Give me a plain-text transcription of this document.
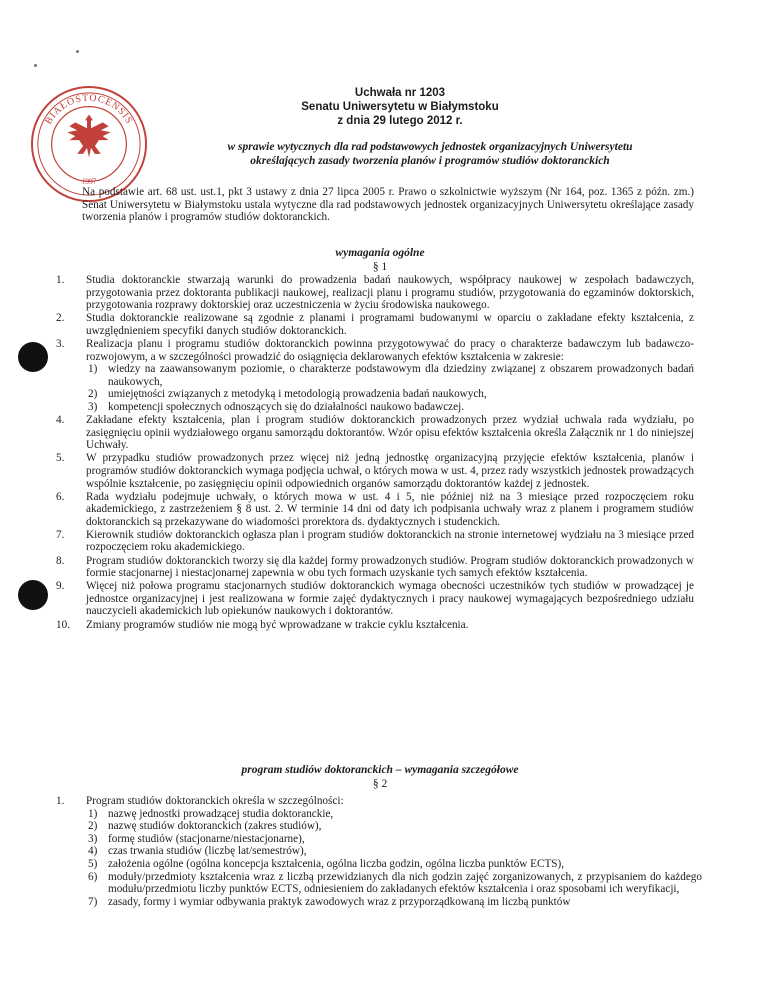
BIAŁOSTOCENSIS
1997
Uchwała nr 1203
Senatu Uniwersytetu w Białymstoku
z dnia 29 lutego 2012 r.
w sprawie wytycznych dla rad podstawowych jednostek organizacyjnych Uniwersytetu
określających zasady tworzenia planów i programów studiów doktoranckich
Na podstawie art. 68 ust. ust.1, pkt 3 ustawy z dnia 27 lipca 2005 r. Prawo o szkolnictwie wyższym (Nr 164, poz. 1365 z późn. zm.) Senat Uniwersytetu w Białymstoku ustala wytyczne dla rad podstawowych jednostek organizacyjnych Uniwersytetu określające zasady tworzenia planów i programów studiów doktoranckich.
wymagania ogólne
§ 1
1. Studia doktoranckie stwarzają warunki do prowadzenia badań naukowych, współpracy naukowej w zespołach badawczych, przygotowania przez doktoranta publikacji naukowej, realizacji planu i programu studiów, przygotowania do egzaminów doktorskich, przygotowania rozprawy doktorskiej oraz uczestniczenia w życiu środowiska naukowego.
2. Studia doktoranckie realizowane są zgodnie z planami i programami budowanymi w oparciu o zakładane efekty kształcenia, z uwzględnieniem specyfiki danych studiów doktoranckich.
3. Realizacja planu i programu studiów doktoranckich powinna przygotowywać do pracy o charakterze badawczym lub badawczo-rozwojowym, a w szczególności prowadzić do osiągnięcia deklarowanych efektów kształcenia w zakresie:
1) wiedzy na zaawansowanym poziomie, o charakterze podstawowym dla dziedziny związanej z obszarem prowadzonych badań naukowych,
2) umiejętności związanych z metodyką i metodologią prowadzenia badań naukowych,
3) kompetencji społecznych odnoszących się do działalności naukowo badawczej.
4. Zakładane efekty kształcenia, plan i program studiów doktoranckich prowadzonych przez wydział uchwala rada wydziału, po zasięgnięciu opinii wydziałowego organu samorządu doktorantów. Wzór opisu efektów kształcenia określa Załącznik nr 1 do niniejszej Uchwały.
5. W przypadku studiów prowadzonych przez więcej niż jedną jednostkę organizacyjną przyjęcie efektów kształcenia, planów i programów studiów doktoranckich wymaga podjęcia uchwał, o których mowa w ust. 4, przez rady wszystkich jednostek prowadzących wspólnie kształcenie, po zasięgnięciu opinii odpowiednich organów samorządu doktorantów każdej z jednostek.
6. Rada wydziału podejmuje uchwały, o których mowa w ust. 4 i 5, nie później niż na 3 miesiące przed rozpoczęciem roku akademickiego, z zastrzeżeniem § 8 ust. 2. W terminie 14 dni od daty ich podpisania uchwały wraz z planem i programem studiów doktoranckich są przekazywane do wiadomości prorektora ds. dydaktycznych i studenckich.
7. Kierownik studiów doktoranckich ogłasza plan i program studiów doktoranckich na stronie internetowej wydziału na 3 miesiące przed rozpoczęciem roku akademickiego.
8. Program studiów doktoranckich tworzy się dla każdej formy prowadzonych studiów. Program studiów doktoranckich prowadzonych w formie stacjonarnej i niestacjonarnej zapewnia w obu tych formach uzyskanie tych samych efektów kształcenia.
9. Więcej niż połowa programu stacjonarnych studiów doktoranckich wymaga obecności uczestników tych studiów w prowadzącej je jednostce organizacyjnej i jest realizowana w formie zajęć dydaktycznych i pracy naukowej wymagających bezpośredniego udziału nauczycieli akademickich lub opiekunów naukowych i doktorantów.
10. Zmiany programów studiów nie mogą być wprowadzane w trakcie cyklu kształcenia.
program studiów doktoranckich – wymagania szczegółowe
§ 2
1. Program studiów doktoranckich określa w szczególności:
1) nazwę jednostki prowadzącej studia doktoranckie,
2) nazwę studiów doktoranckich (zakres studiów),
3) formę studiów (stacjonarne/niestacjonarne),
4) czas trwania studiów (liczbę lat/semestrów),
5) założenia ogólne (ogólna koncepcja kształcenia, ogólna liczba godzin, ogólna liczba punktów ECTS),
6) moduły/przedmioty kształcenia wraz z liczbą przewidzianych dla nich godzin zajęć zorganizowanych, z przypisaniem do każdego modułu/przedmiotu liczby punktów ECTS, odniesieniem do zakładanych efektów kształcenia i oraz sposobami ich weryfikacji,
7) zasady, formy i wymiar odbywania praktyk zawodowych wraz z przyporządkowaną im liczbą punktów
